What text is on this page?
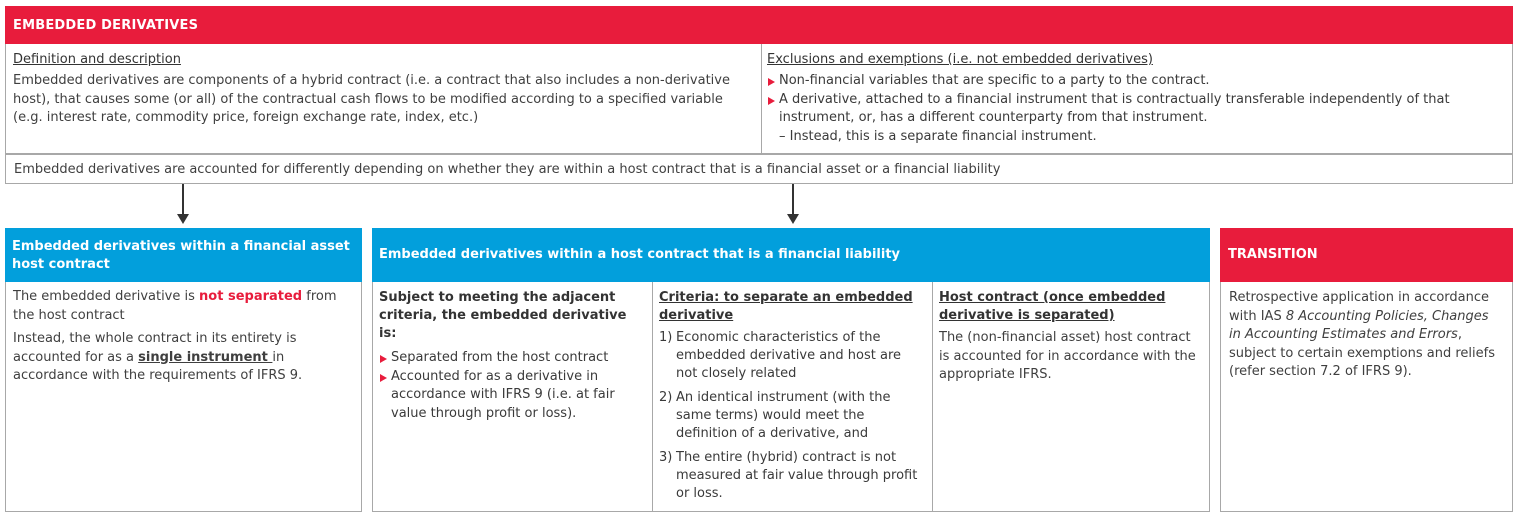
EMBEDDED DERIVATIVES
Definition and description
Embedded derivatives are components of a hybrid contract (i.e. a contract that also includes a non-derivative host), that causes some (or all) of the contractual cash flows to be modified according to a specified variable (e.g. interest rate, commodity price, foreign exchange rate, index, etc.)
Exclusions and exemptions (i.e. not embedded derivatives)
Non-financial variables that are specific to a party to the contract.
A derivative, attached to a financial instrument that is contractually transferable independently of that instrument, or, has a different counterparty from that instrument.
– Instead, this is a separate financial instrument.
Embedded derivatives are accounted for differently depending on whether they are within a host contract that is a financial asset or a financial liability
Embedded derivatives within a financial asset host contract
The embedded derivative is not separated from the host contract
Instead, the whole contract in its entirety is accounted for as a single instrument in accordance with the requirements of IFRS 9.
Embedded derivatives within a host contract that is a financial liability
Subject to meeting the adjacent criteria, the embedded derivative is:
Separated from the host contract
Accounted for as a derivative in accordance with IFRS 9 (i.e. at fair value through profit or loss).
Criteria: to separate an embedded derivative
1) Economic characteristics of the embedded derivative and host are not closely related
2) An identical instrument (with the same terms) would meet the definition of a derivative, and
3) The entire (hybrid) contract is not measured at fair value through profit or loss.
Host contract (once embedded derivative is separated)
The (non-financial asset) host contract is accounted for in accordance with the appropriate IFRS.
TRANSITION
Retrospective application in accordance with IAS 8 Accounting Policies, Changes in Accounting Estimates and Errors, subject to certain exemptions and reliefs (refer section 7.2 of IFRS 9).
